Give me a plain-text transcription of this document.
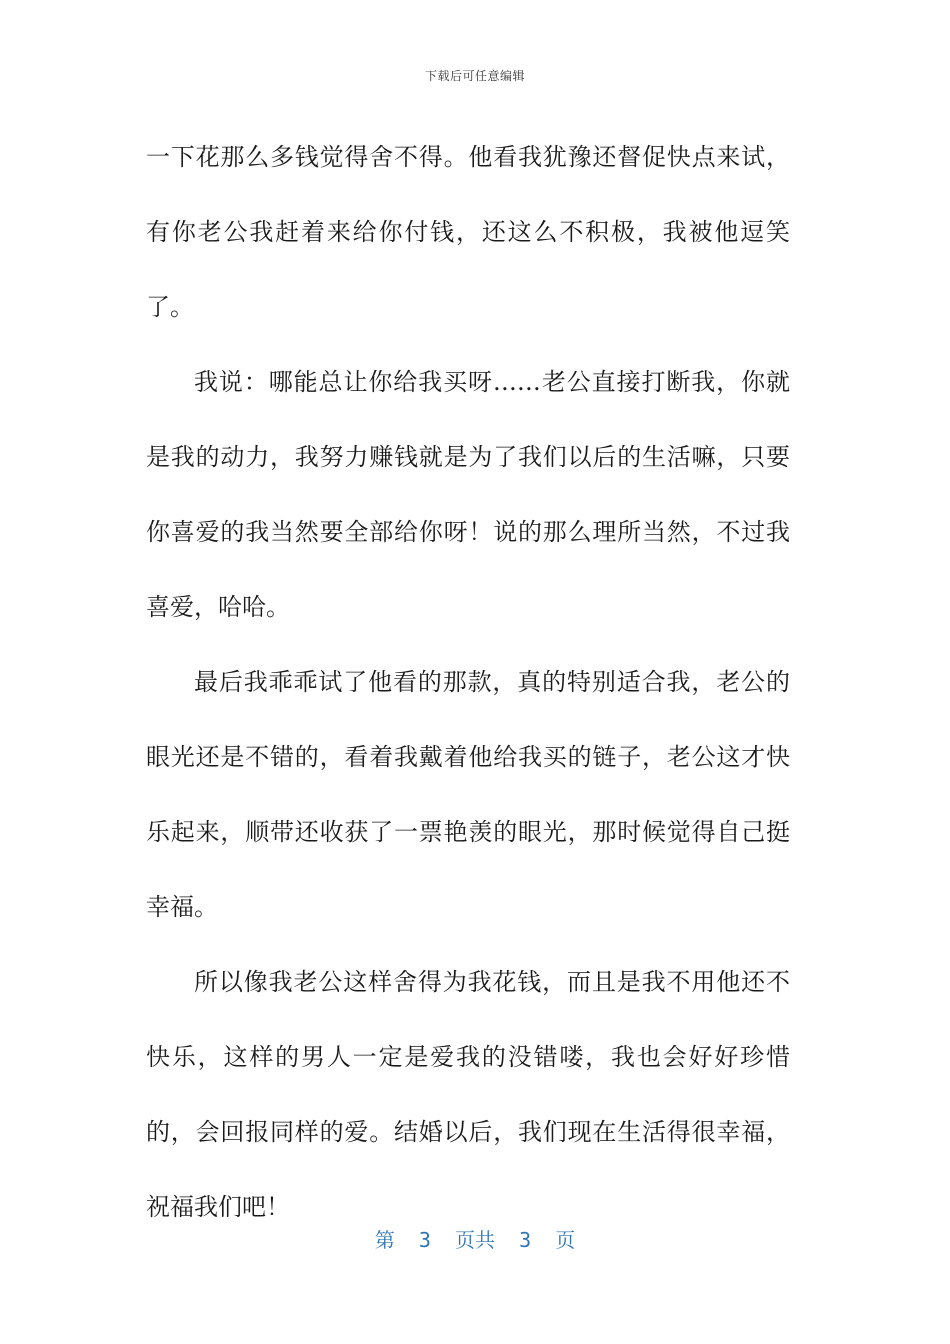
下载后可任意编辑

一下花那么多钱觉得舍不得。他看我犹豫还督促快点来试，有你老公我赶着来给你付钱，还这么不积极，我被他逗笑了。

我说：哪能总让你给我买呀……老公直接打断我，你就是我的动力，我努力赚钱就是为了我们以后的生活嘛，只要你喜爱的我当然要全部给你呀！说的那么理所当然，不过我喜爱，哈哈。

最后我乖乖试了他看的那款，真的特别适合我，老公的眼光还是不错的，看着我戴着他给我买的链子，老公这才快乐起来，顺带还收获了一票艳羡的眼光，那时候觉得自己挺幸福。

所以像我老公这样舍得为我花钱，而且是我不用他还不快乐，这样的男人一定是爱我的没错喽，我也会好好珍惜的，会回报同样的爱。结婚以后，我们现在生活得很幸福，祝福我们吧！

第  3  页共  3  页
